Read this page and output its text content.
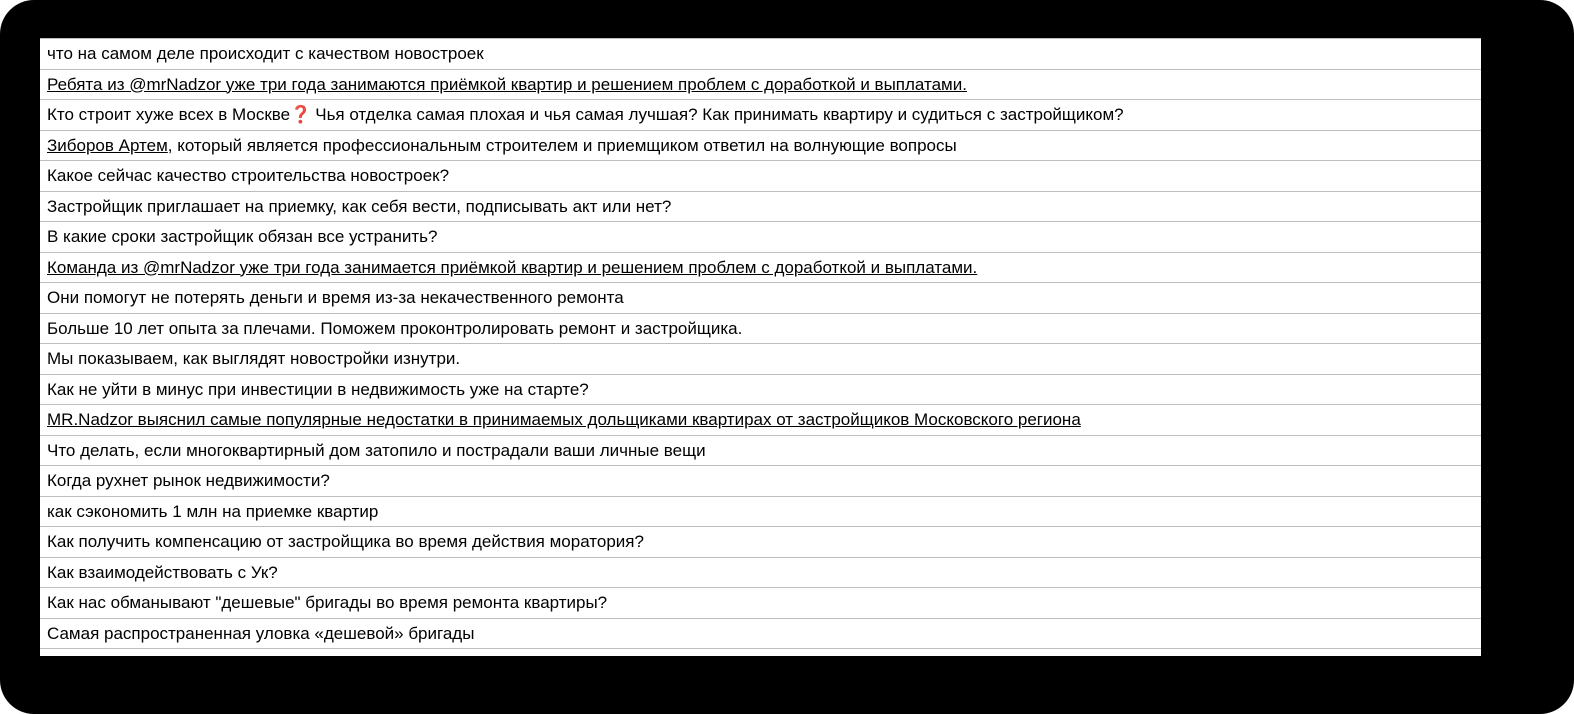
что на самом деле происходит с качеством новостроек
Ребята из @mrNadzor уже три года занимаются приёмкой квартир и решением проблем с доработкой и выплатами.
Кто строит хуже всех в Москве ❓ Чья отделка самая плохая и чья самая лучшая? Как принимать квартиру и судиться с застройщиком?
Зиборов Артем , который является профессиональным строителем и приемщиком ответил на волнующие вопросы
Какое сейчас качество строительства новостроек?
Застройщик приглашает на приемку, как себя вести, подписывать акт или нет?
В какие сроки застройщик обязан все устранить?
Команда из @mrNadzor уже три года занимается приёмкой квартир и решением проблем с доработкой и выплатами.
Они помогут не потерять деньги и время из-за некачественного ремонта
Больше 10 лет опыта за плечами. Поможем проконтролировать ремонт и застройщика.
Мы показываем, как выглядят новостройки изнутри.
Как не уйти в минус при инвестиции в недвижимость уже на старте?
MR.Nadzor выяснил самые популярные недостатки в принимаемых дольщиками квартирах от застройщиков Московского региона
Что делать, если многоквартирный дом затопило и пострадали ваши личные вещи
Когда рухнет рынок недвижимости?
как сэкономить 1 млн на приемке квартир
Как получить компенсацию от застройщика во время действия моратория?
Как взаимодействовать с Ук?
Как нас обманывают "дешевые" бригады во время ремонта квартиры?
Самая распространенная уловка «дешевой» бригады
